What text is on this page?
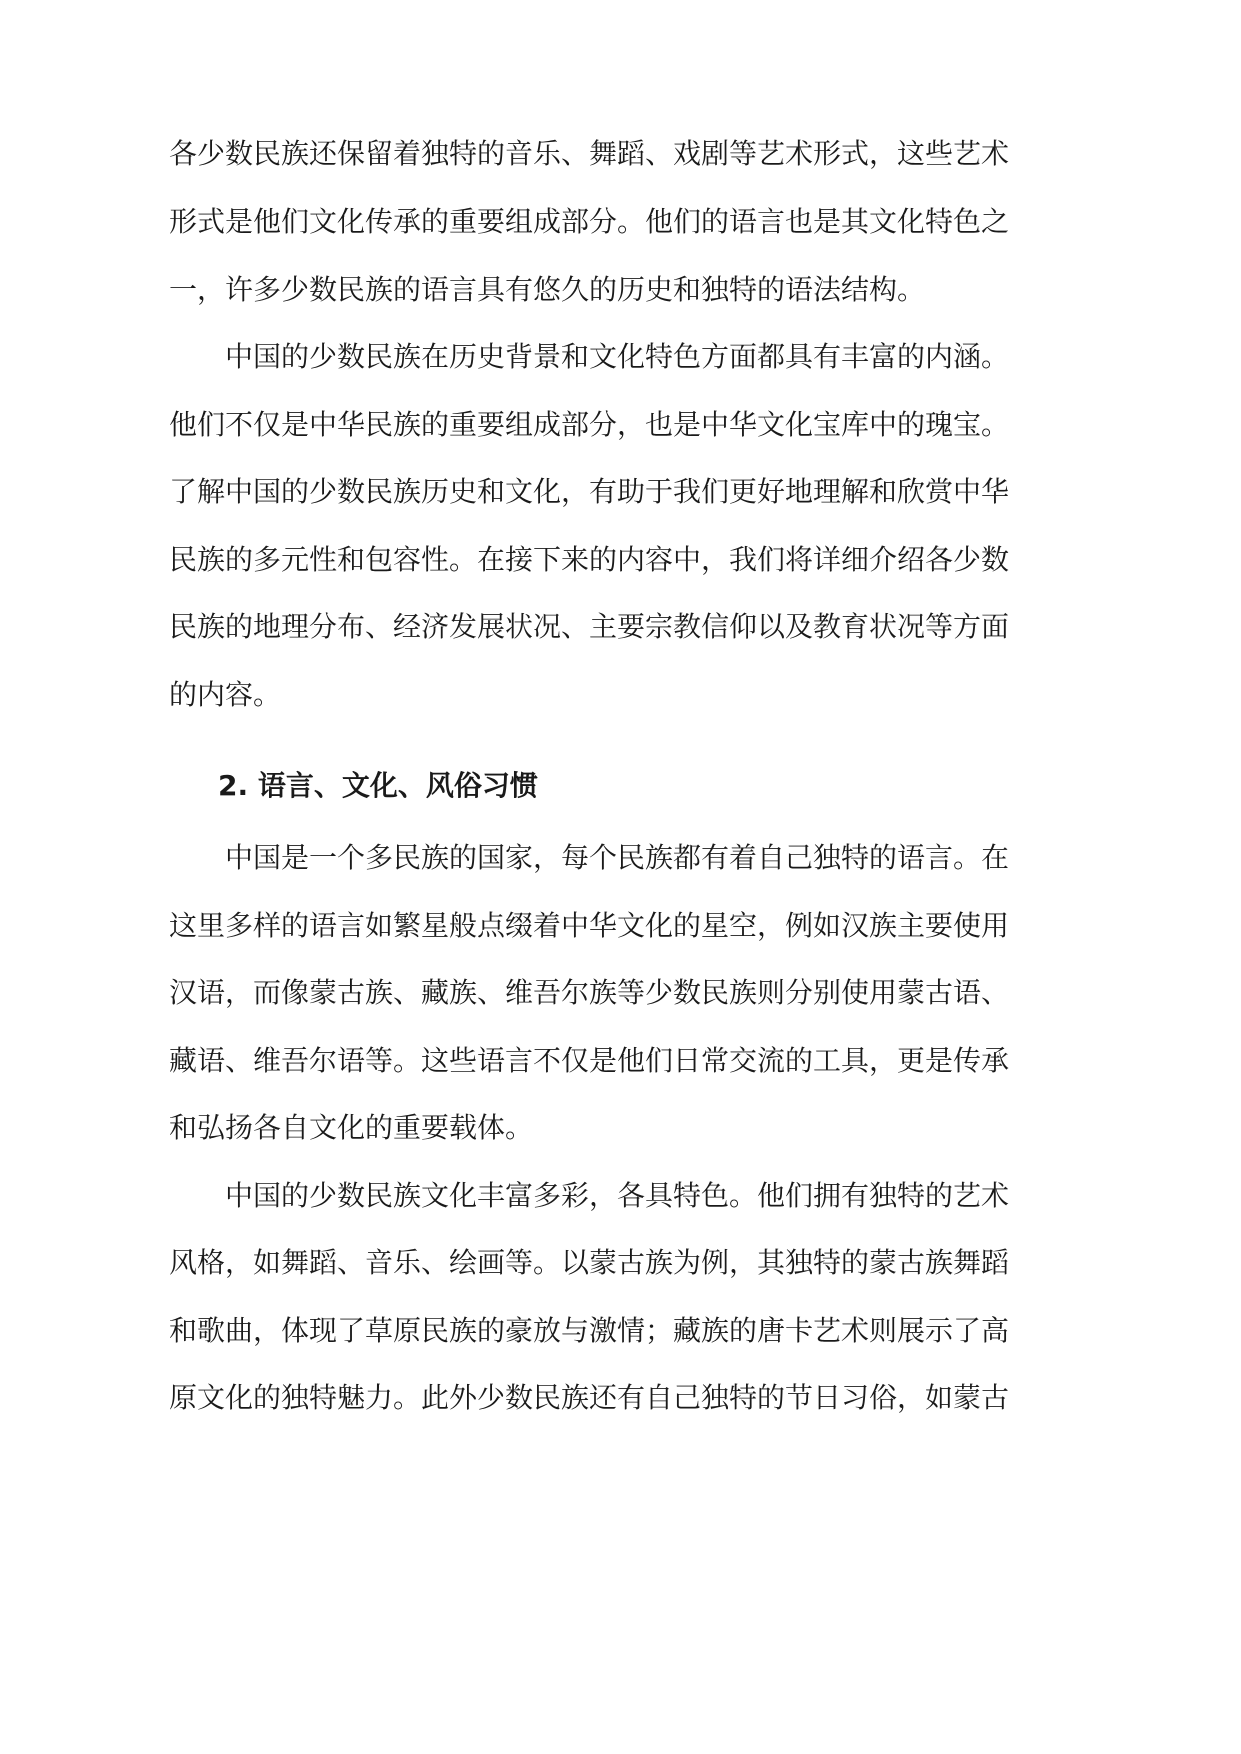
各少数民族还保留着独特的音乐、舞蹈、戏剧等艺术形式，这些艺术
形式是他们文化传承的重要组成部分。他们的语言也是其文化特色之
一，许多少数民族的语言具有悠久的历史和独特的语法结构。
中国的少数民族在历史背景和文化特色方面都具有丰富的内涵。
他们不仅是中华民族的重要组成部分，也是中华文化宝库中的瑰宝。
了解中国的少数民族历史和文化，有助于我们更好地理解和欣赏中华
民族的多元性和包容性。在接下来的内容中，我们将详细介绍各少数
民族的地理分布、经济发展状况、主要宗教信仰以及教育状况等方面
的内容。
2. 语言、文化、风俗习惯
中国是一个多民族的国家，每个民族都有着自己独特的语言。在
这里多样的语言如繁星般点缀着中华文化的星空，例如汉族主要使用
汉语，而像蒙古族、藏族、维吾尔族等少数民族则分别使用蒙古语、
藏语、维吾尔语等。这些语言不仅是他们日常交流的工具，更是传承
和弘扬各自文化的重要载体。
中国的少数民族文化丰富多彩，各具特色。他们拥有独特的艺术
风格，如舞蹈、音乐、绘画等。以蒙古族为例，其独特的蒙古族舞蹈
和歌曲，体现了草原民族的豪放与激情；藏族的唐卡艺术则展示了高
原文化的独特魅力。此外少数民族还有自己独特的节日习俗，如蒙古
